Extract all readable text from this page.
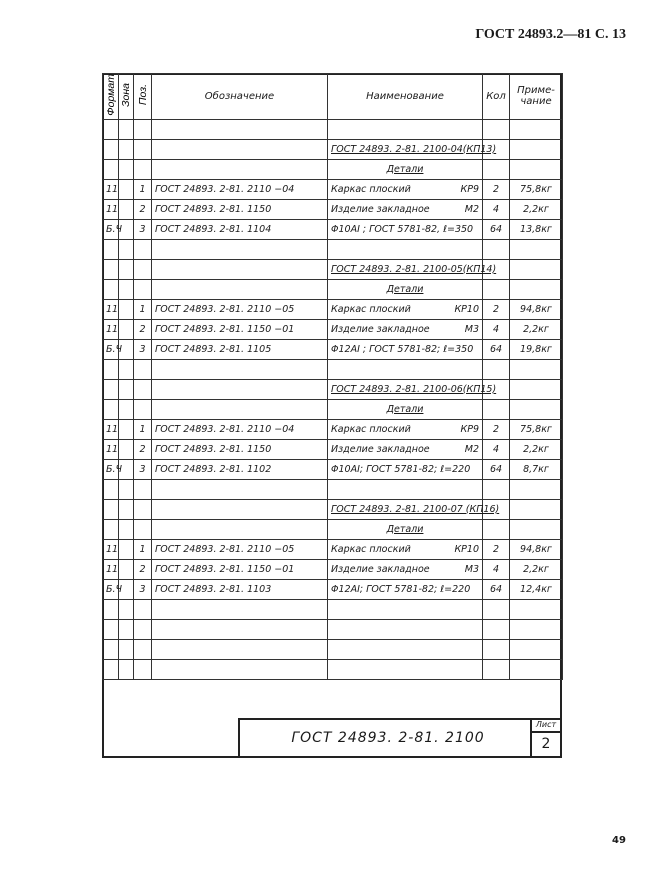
ГОСТ 24893.2—81 С. 13
Формат	Зона	Поз.	Обозначение	Наименование	Кол	Приме-
чание

				ГОСТ 24893. 2-81. 2100-04(КП13)		
				Детали		
11		1	ГОСТ 24893. 2-81. 2110 −04	Каркас плоский КР9	2	75,8кг
11		2	ГОСТ 24893. 2-81. 1150	Изделие закладное М2	4	2,2кг
Б.Ч		3	ГОСТ 24893. 2-81. 1104	Φ10AI ; ГОСТ 5781-82, ℓ=350	64	13,8кг

				ГОСТ 24893. 2-81. 2100-05(КП14)		
				Детали		
11		1	ГОСТ 24893. 2-81. 2110 −05	Каркас плоский КР10	2	94,8кг
11		2	ГОСТ 24893. 2-81. 1150 −01	Изделие закладное М3	4	2,2кг
Б.Ч		3	ГОСТ 24893. 2-81. 1105	Φ12AI ; ГОСТ 5781-82; ℓ=350	64	19,8кг

				ГОСТ 24893. 2-81. 2100-06(КП15)		
				Детали		
11		1	ГОСТ 24893. 2-81. 2110 −04	Каркас плоский КР9	2	75,8кг
11		2	ГОСТ 24893. 2-81. 1150	Изделие закладное М2	4	2,2кг
Б.Ч		3	ГОСТ 24893. 2-81. 1102	Φ10AI; ГОСТ 5781-82; ℓ=220	64	8,7кг

				ГОСТ 24893. 2-81. 2100-07 (КП16)		
				Детали		
11		1	ГОСТ 24893. 2-81. 2110 −05	Каркас плоский КР10	2	94,8кг
11		2	ГОСТ 24893. 2-81. 1150 −01	Изделие закладное М3	4	2,2кг
Б.Ч		3	ГОСТ 24893. 2-81. 1103	Φ12AI; ГОСТ 5781-82; ℓ=220	64	12,4кг

ГОСТ 24893. 2-81. 2100
Лист
2
49
